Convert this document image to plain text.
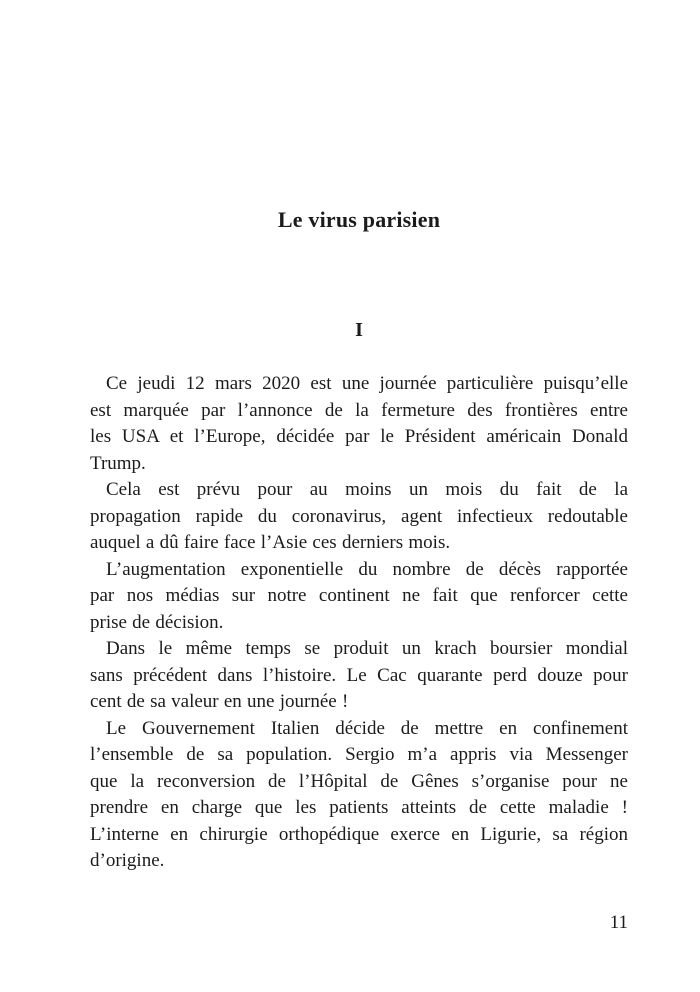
Le virus parisien
I
Ce jeudi 12 mars 2020 est une journée particulière puisqu’elle
est marquée par l’annonce de la fermeture des frontières entre
les USA et l’Europe, décidée par le Président américain Donald
Trump.
Cela est prévu pour au moins un mois du fait de la
propagation rapide du coronavirus, agent infectieux redoutable
auquel a dû faire face l’Asie ces derniers mois.
L’augmentation exponentielle du nombre de décès rapportée
par nos médias sur notre continent ne fait que renforcer cette
prise de décision.
Dans le même temps se produit un krach boursier mondial
sans précédent dans l’histoire. Le Cac quarante perd douze pour
cent de sa valeur en une journée !
Le Gouvernement Italien décide de mettre en confinement
l’ensemble de sa population. Sergio m’a appris via Messenger
que la reconversion de l’Hôpital de Gênes s’organise pour ne
prendre en charge que les patients atteints de cette maladie !
L’interne en chirurgie orthopédique exerce en Ligurie, sa région
d’origine.
11
